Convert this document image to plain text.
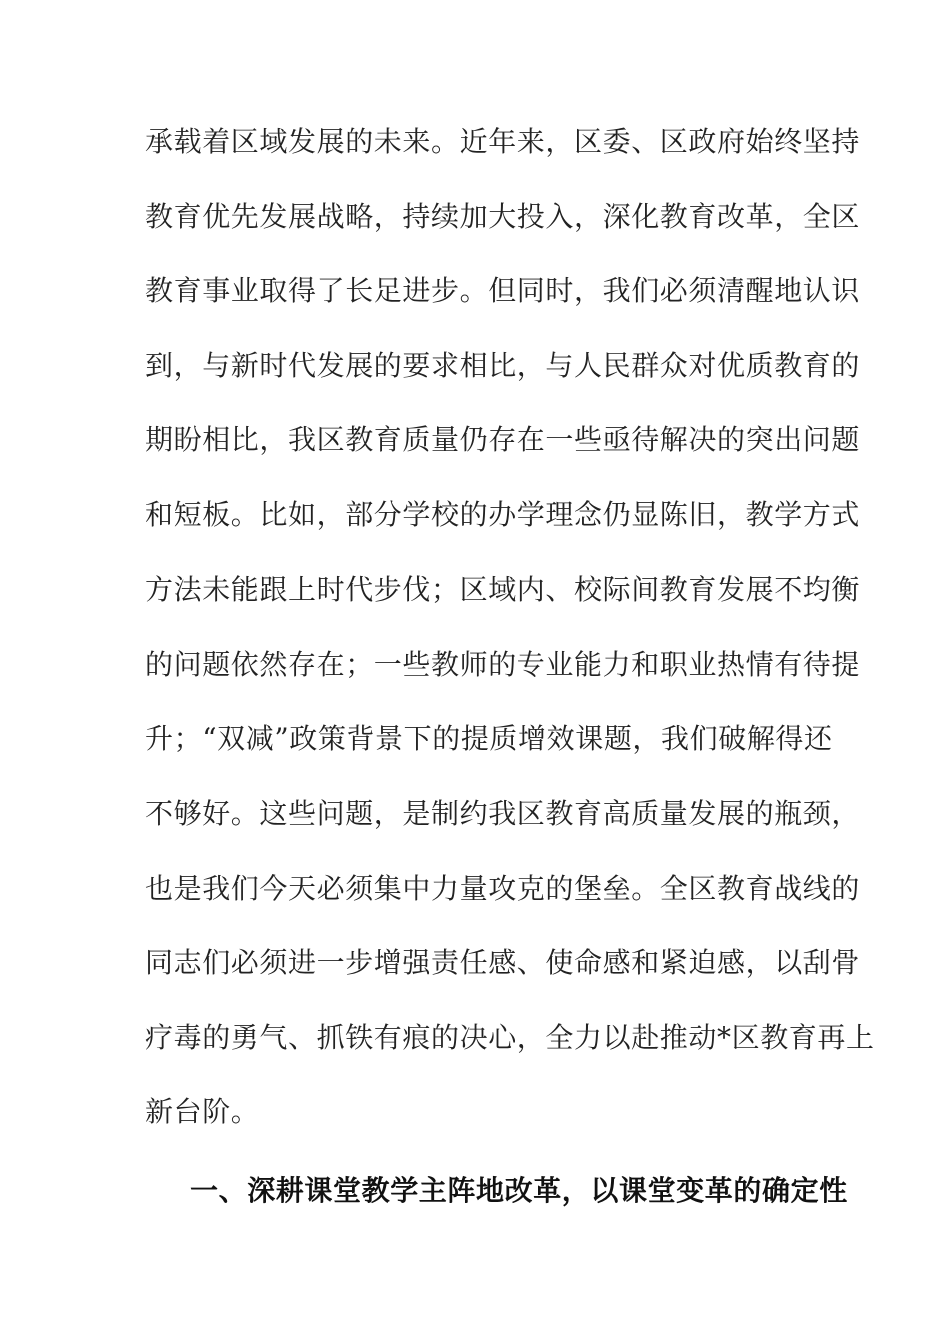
承载着区域发展的未来。近年来，区委、区政府始终坚持
教育优先发展战略，持续加大投入，深化教育改革，全区
教育事业取得了长足进步。但同时，我们必须清醒地认识
到，与新时代发展的要求相比，与人民群众对优质教育的
期盼相比，我区教育质量仍存在一些亟待解决的突出问题
和短板。比如，部分学校的办学理念仍显陈旧，教学方式
方法未能跟上时代步伐；区域内、校际间教育发展不均衡
的问题依然存在；一些教师的专业能力和职业热情有待提
升；“双减”政策背景下的提质增效课题，我们破解得还
不够好。这些问题，是制约我区教育高质量发展的瓶颈，
也是我们今天必须集中力量攻克的堡垒。全区教育战线的
同志们必须进一步增强责任感、使命感和紧迫感，以刮骨
疗毒的勇气、抓铁有痕的决心，全力以赴推动*区教育再上
新台阶。
一、深耕课堂教学主阵地改革，以课堂变革的确定性
